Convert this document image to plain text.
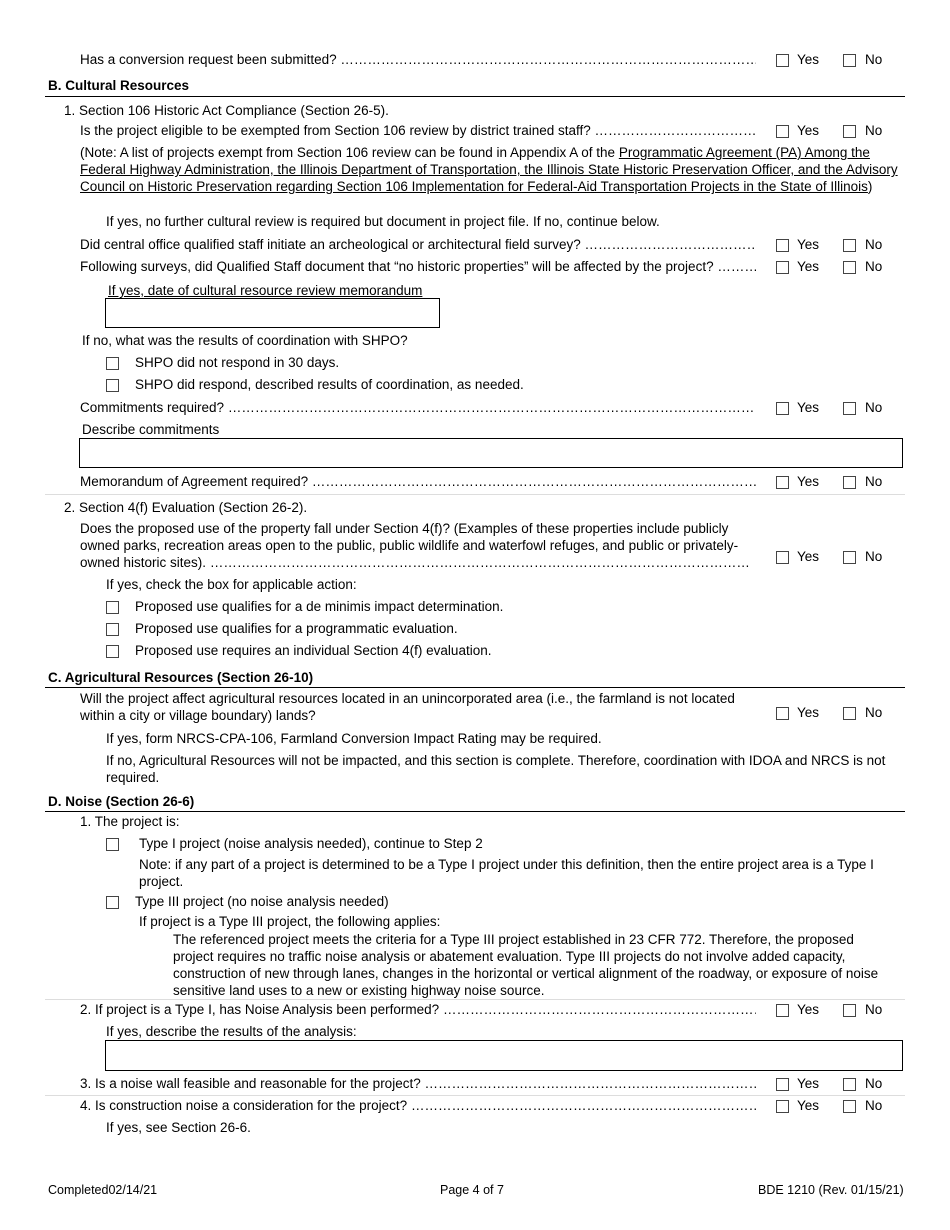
Has a conversion request been submitted? ………………………………………………………………………………………………………………………………………………………………………………………………………………………………………………	Yes	No
B. Cultural Resources
1. Section 106 Historic Act Compliance (Section 26-5).
Is the project eligible to be exempted from Section 106 review by district trained staff? ………………………………………………………………………………………………………………………………………………………………………………………………………………………………………………	Yes	No
(Note: A list of projects exempt from Section 106 review can be found in Appendix A of the Programmatic Agreement (PA) Among the Federal Highway Administration, the Illinois Department of Transportation, the Illinois State Historic Preservation Officer, and the Advisory Council on Historic Preservation regarding Section 106 Implementation for Federal-Aid Transportation Projects in the State of Illinois)
If yes, no further cultural review is required but document in project file. If no, continue below.
Did central office qualified staff initiate an archeological or architectural field survey? ………………………………………………………………………………………………………………………………………………………………………………………………………………………………………………	Yes	No
Following surveys, did Qualified Staff document that “no historic properties” will be affected by the project? ………………………………………………………………………………………………………………………………………………………………………………………………………………………………………………	Yes	No
If yes, date of cultural resource review memorandum
If no, what was the results of coordination with SHPO?
SHPO did not respond in 30 days.
SHPO did respond, described results of coordination, as needed.
Commitments required? ………………………………………………………………………………………………………………………………………………………………………………………………………………………………………………	Yes	No
Describe commitments
Memorandum of Agreement required? ………………………………………………………………………………………………………………………………………………………………………………………………………………………………………………	Yes	No
2. Section 4(f) Evaluation (Section 26-2).
Does the proposed use of the property fall under Section 4(f)? (Examples of these properties include publicly owned parks, recreation areas open to the public, public wildlife and waterfowl refuges, and public or privately-owned historic sites). …………………………………………………………………………………………………………	Yes	No
If yes, check the box for applicable action:
Proposed use qualifies for a de minimis impact determination.
Proposed use qualifies for a programmatic evaluation.
Proposed use requires an individual Section 4(f) evaluation.
C. Agricultural Resources (Section 26-10)
Will the project affect agricultural resources located in an unincorporated area (i.e., the farmland is not located within a city or village boundary) lands?	Yes	No
If yes, form NRCS-CPA-106, Farmland Conversion Impact Rating may be required.
If no, Agricultural Resources will not be impacted, and this section is complete. Therefore, coordination with IDOA and NRCS is not required.
D. Noise (Section 26-6)
1. The project is:
Type I project (noise analysis needed), continue to Step 2
Note: if any part of a project is determined to be a Type I project under this definition, then the entire project area is a Type I project.
Type III project (no noise analysis needed)
If project is a Type III project, the following applies:
The referenced project meets the criteria for a Type III project established in 23 CFR 772. Therefore, the proposed project requires no traffic noise analysis or abatement evaluation. Type III projects do not involve added capacity, construction of new through lanes, changes in the horizontal or vertical alignment of the roadway, or exposure of noise sensitive land uses to a new or existing highway noise source.
2. If project is a Type I, has Noise Analysis been performed? ………………………………………………………………………………………………………………………………………………………………………………………………………………………………………………	Yes	No
If yes, describe the results of the analysis:
3. Is a noise wall feasible and reasonable for the project? ………………………………………………………………………………………………………………………………………………………………………………………………………………………………………………	Yes	No
4. Is construction noise a consideration for the project? ………………………………………………………………………………………………………………………………………………………………………………………………………………………………………………	Yes	No
If yes, see Section 26-6.
Completed02/14/21	Page 4 of 7	BDE 1210 (Rev. 01/15/21)
